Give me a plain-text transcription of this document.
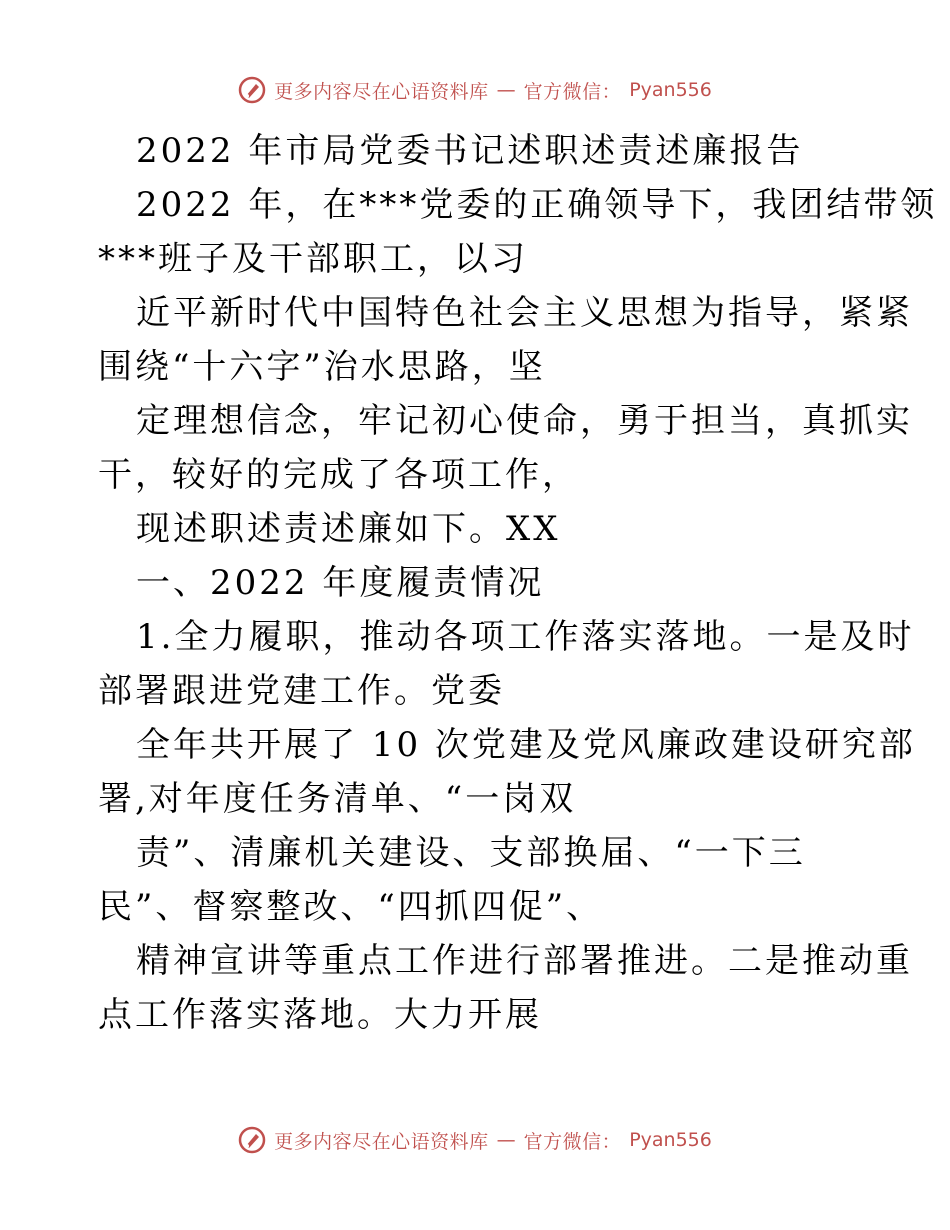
更多内容尽在心语资料库 — 官方微信： Pyan556
2022 年市局党委书记述职述责述廉报告
2022 年，在***党委的正确领导下，我团结带领
***班子及干部职工，以习
近平新时代中国特色社会主义思想为指导，紧紧
围绕“十六字”治水思路，坚
定理想信念，牢记初心使命，勇于担当，真抓实
干，较好的完成了各项工作，
现述职述责述廉如下。XX
一、2022 年度履责情况
1.全力履职，推动各项工作落实落地。一是及时
部署跟进党建工作。党委
全年共开展了 10 次党建及党风廉政建设研究部
署,对年度任务清单、“一岗双
责”、清廉机关建设、支部换届、“一下三
民”、督察整改、“四抓四促”、
精神宣讲等重点工作进行部署推进。二是推动重
点工作落实落地。大力开展
更多内容尽在心语资料库 — 官方微信： Pyan556
